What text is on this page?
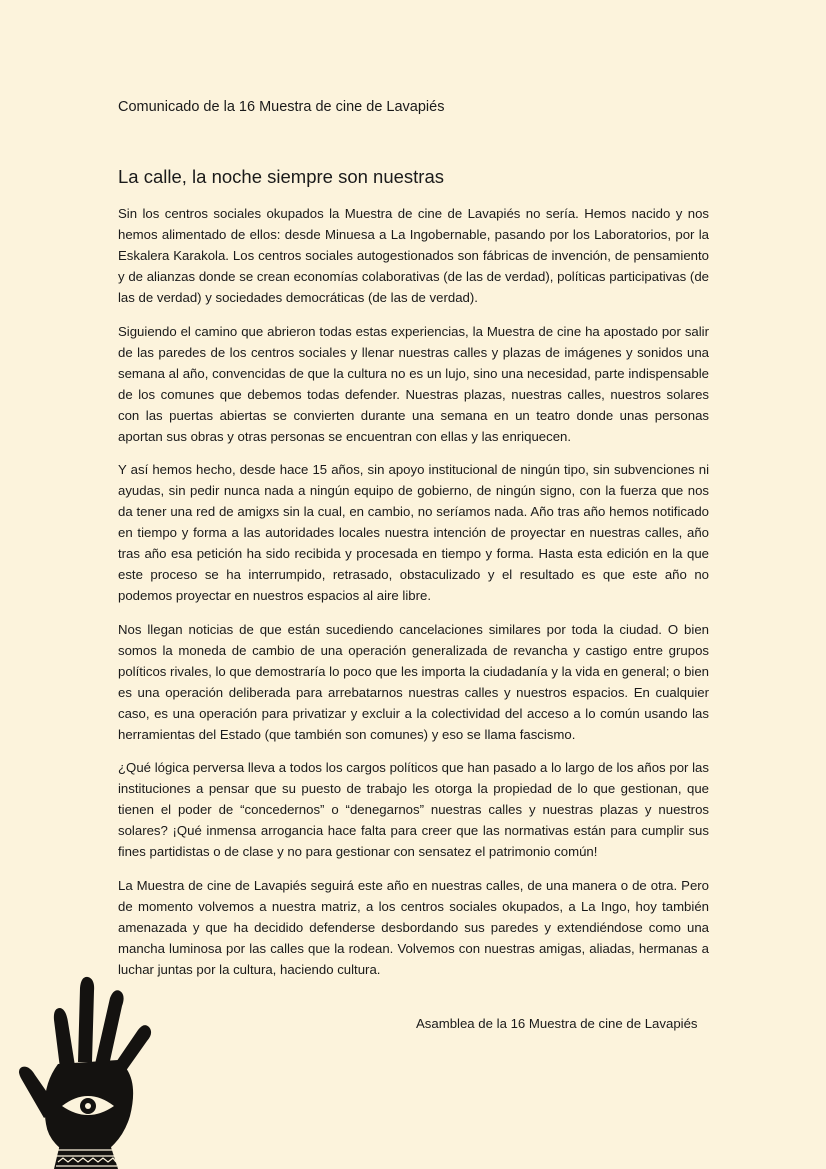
Comunicado de la 16 Muestra de cine de Lavapiés
La calle, la noche siempre son nuestras

Sin los centros sociales okupados la Muestra de cine de Lavapiés no sería. Hemos nacido y nos hemos alimentado de ellos: desde Minuesa a La Ingobernable, pasando por los Laboratorios, por la Eskalera Karakola. Los centros sociales autogestionados son fábricas de invención, de pensamiento y de alianzas donde se crean economías colaborativas (de las de verdad), políticas participativas (de las de verdad) y sociedades democráticas (de las de verdad).

Siguiendo el camino que abrieron todas estas experiencias, la Muestra de cine ha apostado por salir de las paredes de los centros sociales y llenar nuestras calles y plazas de imágenes y sonidos una semana al año, convencidas de que la cultura no es un lujo, sino una necesidad, parte indispensable de los comunes que debemos todas defender. Nuestras plazas, nuestras calles, nuestros solares con las puertas abiertas se convierten durante una semana en un teatro donde unas personas aportan sus obras y otras personas se encuentran con ellas y las enriquecen.

Y así hemos hecho, desde hace 15 años, sin apoyo institucional de ningún tipo, sin subvenciones ni ayudas, sin pedir nunca nada a ningún equipo de gobierno, de ningún signo, con la fuerza que nos da tener una red de amigxs sin la cual, en cambio, no seríamos nada. Año tras año hemos notificado en tiempo y forma a las autoridades locales nuestra intención de proyectar en nuestras calles, año tras año esa petición ha sido recibida y procesada en tiempo y forma. Hasta esta edición en la que este proceso se ha interrumpido, retrasado, obstaculizado y el resultado es que este año no podemos proyectar en nuestros espacios al aire libre.

Nos llegan noticias de que están sucediendo cancelaciones similares por toda la ciudad. O bien somos la moneda de cambio de una operación generalizada de revancha y castigo entre grupos políticos rivales, lo que demostraría lo poco que les importa la ciudadanía y la vida en general; o bien es una operación deliberada para arrebatarnos nuestras calles y nuestros espacios. En cualquier caso, es una operación para privatizar y excluir a la colectividad del acceso a lo común usando las herramientas del Estado (que también son comunes) y eso se llama fascismo.

¿Qué lógica perversa lleva a todos los cargos políticos que han pasado a lo largo de los años por las instituciones a pensar que su puesto de trabajo les otorga la propiedad de lo que gestionan, que tienen el poder de “concedernos” o “denegarnos” nuestras calles y nuestras plazas y nuestros solares? ¡Qué inmensa arrogancia hace falta para creer que las normativas están para cumplir sus fines partidistas o de clase y no para gestionar con sensatez el patrimonio común!

La Muestra de cine de Lavapiés seguirá este año en nuestras calles, de una manera o de otra. Pero de momento volvemos a nuestra matriz, a los centros sociales okupados, a La Ingo, hoy también amenazada y que ha decidido defenderse desbordando sus paredes y extendiéndose como una mancha luminosa por las calles que la rodean. Volvemos con nuestras amigas, aliadas, hermanas a luchar juntas por la cultura, haciendo cultura.

Asamblea de la 16 Muestra de cine de Lavapiés
